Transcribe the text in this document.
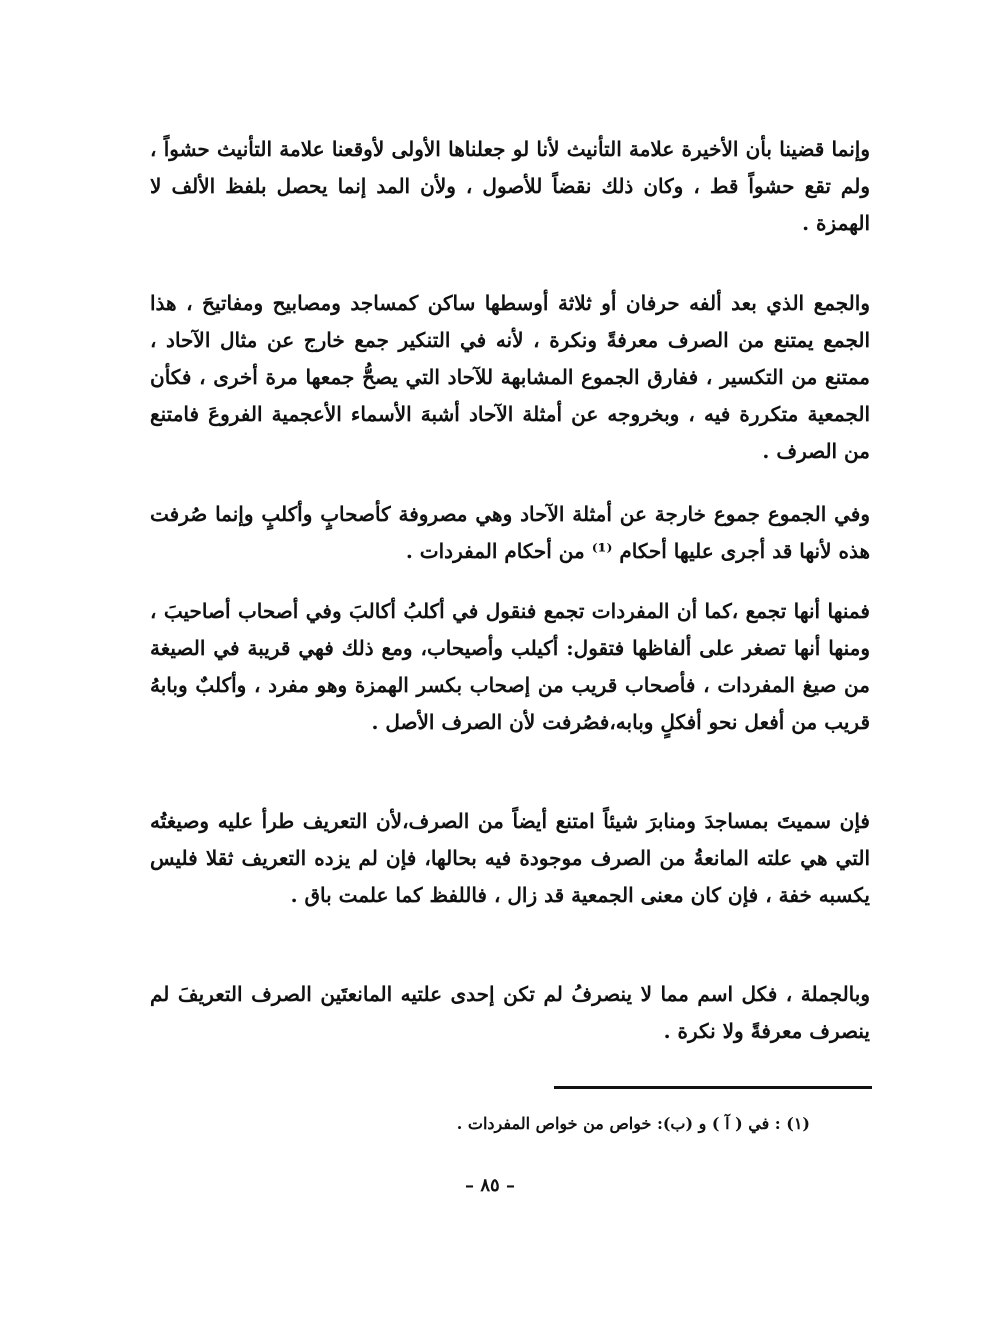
وإنما قضينا بأن الأخيرة علامة التأنيث لأنا لو جعلناها الأولى لأوقعنا علامة التأنيث حشواً ، ولم تقع حشواً قط ، وكان ذلك نقضاً للأصول ، ولأن المد إنما يحصل بلفظ الألف لا الهمزة .
والجمع الذي بعد ألفه حرفان أو ثلاثة أوسطها ساكن كمساجد ومصابيح ومفاتيحَ ، هذا الجمع يمتنع من الصرف معرفةً ونكرة ، لأنه في التنكير جمع خارج عن مثال الآحاد ، ممتنع من التكسير ، ففارق الجموع المشابهة للآحاد التي يصحُّ جمعها مرة أخرى ، فكأن الجمعية متكررة فيه ، وبخروجه عن أمثلة الآحاد أشبهَ الأسماء الأعجمية الفروعَ فامتنع من الصرف .
وفي الجموع جموع خارجة عن أمثلة الآحاد وهي مصروفة كأصحابٍ وأكلبٍ وإنما صُرفت هذه لأنها قد أجرى عليها أحكام ⁽¹⁾ من أحكام المفردات .
فمنها أنها تجمع ،كما أن المفردات تجمع فنقول في أكلبُ أكالبَ وفي أصحاب أصاحيبَ ، ومنها أنها تصغر على ألفاظها فتقول: أكيلب وأصيحاب، ومع ذلك فهي قريبة في الصيغة من صيغ المفردات ، فأصحاب قريب من إصحاب بكسر الهمزة وهو مفرد ، وأكلبٌ وبابهُ قريب من أفعل نحو أفكلٍ وبابه،فصُرفت لأن الصرف الأصل .
فإن سميتَ بمساجدَ ومنابرَ شيئاً امتنع أيضاً من الصرف،لأن التعريف طرأ عليه وصيغتُه التي هي علته المانعةُ من الصرف موجودة فيه بحالها، فإن لم يزده التعريف ثقلا فليس يكسبه خفة ، فإن كان معنى الجمعية قد زال ، فاللفظ كما علمت باق .
وبالجملة ، فكل اسم مما لا ينصرفُ لم تكن إحدى علتيه المانعتَين الصرف التعريفَ لم ينصرف معرفةً ولا نكرة .
(١) : في ( آ ) و (ب): خواص من خواص المفردات .
– ٨٥ –
